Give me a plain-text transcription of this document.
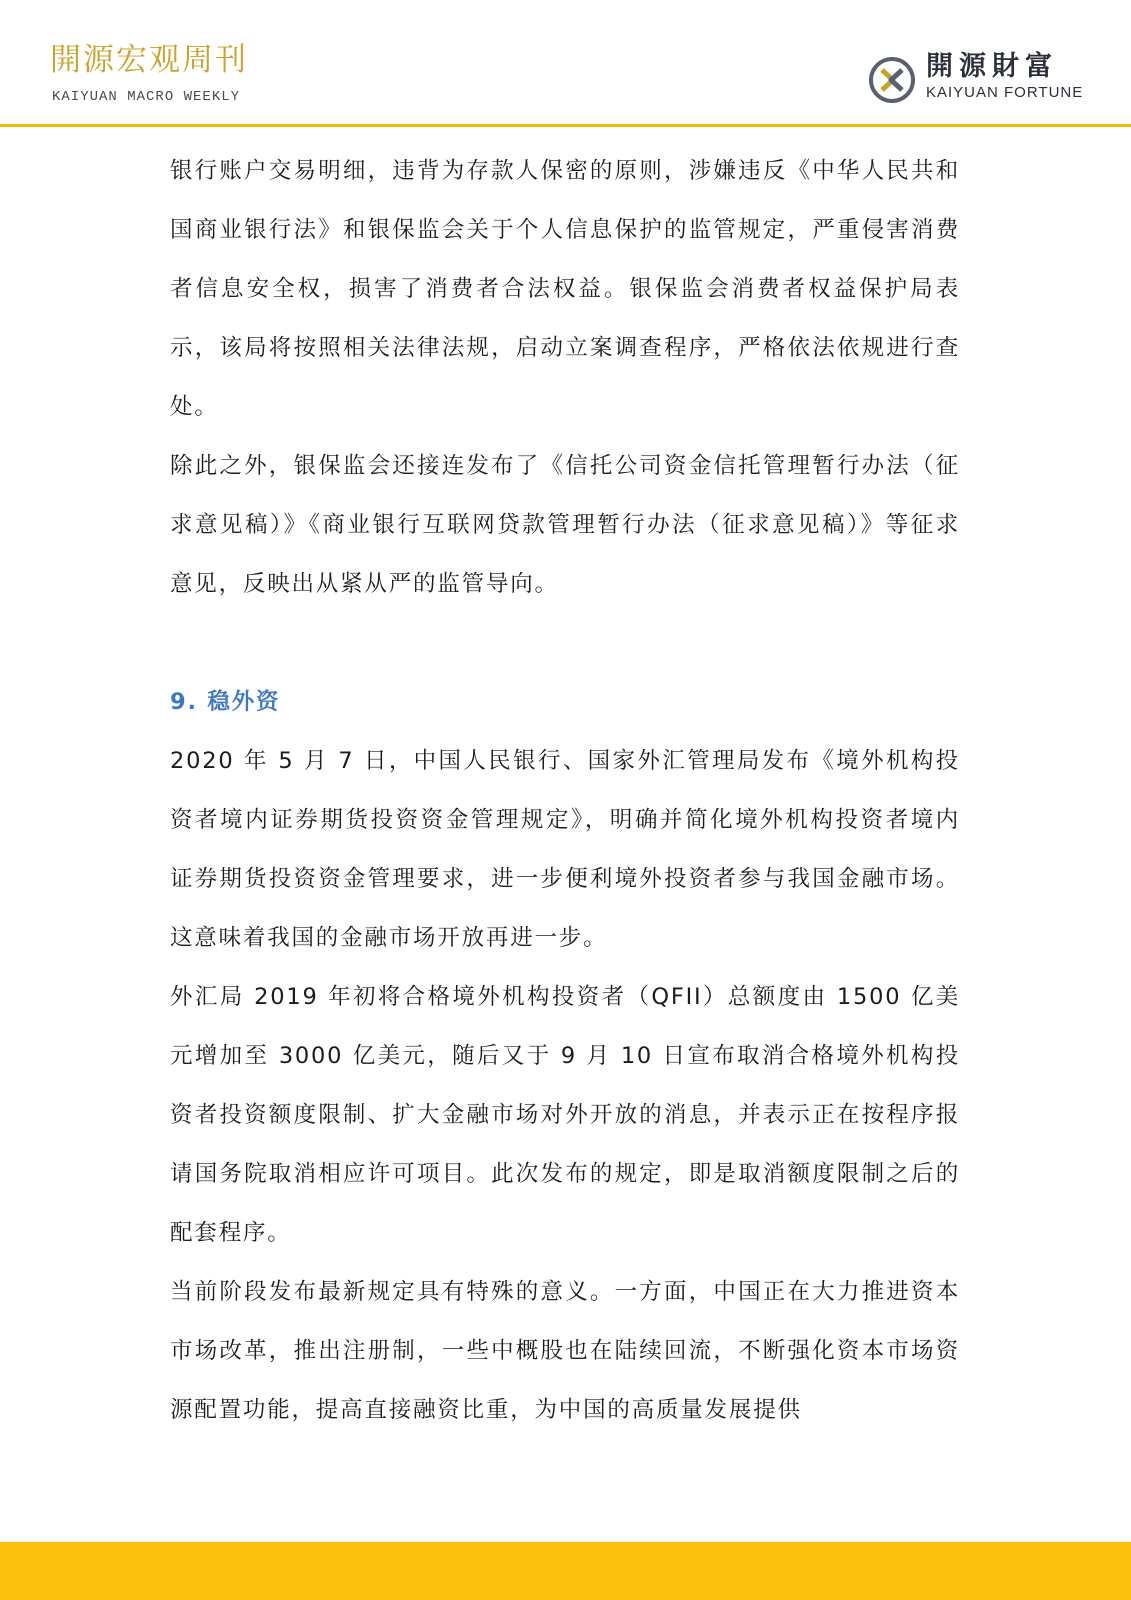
開源宏观周刊
KAIYUAN MACRO WEEKLY
開源財富
KAIYUAN FORTUNE

银行账户交易明细，违背为存款人保密的原则，涉嫌违反《中华人民共和国商业银行法》和银保监会关于个人信息保护的监管规定，严重侵害消费者信息安全权，损害了消费者合法权益。银保监会消费者权益保护局表示，该局将按照相关法律法规，启动立案调查程序，严格依法依规进行查处。

除此之外，银保监会还接连发布了《信托公司资金信托管理暂行办法（征求意见稿）》《商业银行互联网贷款管理暂行办法（征求意见稿）》等征求意见，反映出从紧从严的监管导向。

9. 稳外资

2020 年 5 月 7 日，中国人民银行、国家外汇管理局发布《境外机构投资者境内证券期货投资资金管理规定》，明确并简化境外机构投资者境内证券期货投资资金管理要求，进一步便利境外投资者参与我国金融市场。这意味着我国的金融市场开放再进一步。

外汇局 2019 年初将合格境外机构投资者（QFII）总额度由 1500 亿美元增加至 3000 亿美元，随后又于 9 月 10 日宣布取消合格境外机构投资者投资额度限制、扩大金融市场对外开放的消息，并表示正在按程序报请国务院取消相应许可项目。此次发布的规定，即是取消额度限制之后的配套程序。

当前阶段发布最新规定具有特殊的意义。一方面，中国正在大力推进资本市场改革，推出注册制，一些中概股也在陆续回流，不断强化资本市场资源配置功能，提高直接融资比重，为中国的高质量发展提供
